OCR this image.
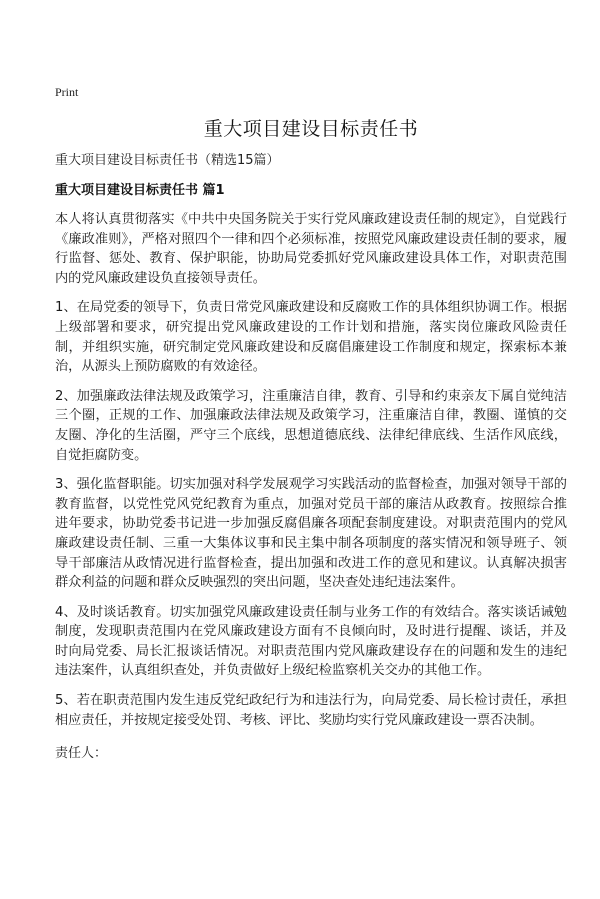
Print
重大项目建设目标责任书
重大项目建设目标责任书（精选15篇）
重大项目建设目标责任书 篇1

本人将认真贯彻落实《中共中央国务院关于实行党风廉政建设责任制的规定》，自觉践行《廉政准则》，严格对照四个一律和四个必须标准，按照党风廉政建设责任制的要求，履行监督、惩处、教育、保护职能，协助局党委抓好党风廉政建设具体工作，对职责范围内的党风廉政建设负直接领导责任。

1、在局党委的领导下，负责日常党风廉政建设和反腐败工作的具体组织协调工作。根据上级部署和要求，研究提出党风廉政建设的工作计划和措施，落实岗位廉政风险责任制，并组织实施，研究制定党风廉政建设和反腐倡廉建设工作制度和规定，探索标本兼治，从源头上预防腐败的有效途径。

2、加强廉政法律法规及政策学习，注重廉洁自律，教育、引导和约束亲友下属自觉纯洁三个圈，正规的工作、加强廉政法律法规及政策学习，注重廉洁自律，教圈、谨慎的交友圈、净化的生活圈，严守三个底线，思想道德底线、法律纪律底线、生活作风底线，自觉拒腐防变。

3、强化监督职能。切实加强对科学发展观学习实践活动的监督检查，加强对领导干部的教育监督，以党性党风党纪教育为重点，加强对党员干部的廉洁从政教育。按照综合推进年要求，协助党委书记进一步加强反腐倡廉各项配套制度建设。对职责范围内的党风廉政建设责任制、三重一大集体议事和民主集中制各项制度的落实情况和领导班子、领导干部廉洁从政情况进行监督检查，提出加强和改进工作的意见和建议。认真解决损害群众利益的问题和群众反映强烈的突出问题，坚决查处违纪违法案件。

4、及时谈话教育。切实加强党风廉政建设责任制与业务工作的有效结合。落实谈话诫勉制度，发现职责范围内在党风廉政建设方面有不良倾向时，及时进行提醒、谈话，并及时向局党委、局长汇报谈话情况。对职责范围内党风廉政建设存在的问题和发生的违纪违法案件，认真组织查处，并负责做好上级纪检监察机关交办的其他工作。

5、若在职责范围内发生违反党纪政纪行为和违法行为，向局党委、局长检讨责任，承担相应责任，并按规定接受处罚、考核、评比、奖励均实行党风廉政建设一票否决制。

责任人：
